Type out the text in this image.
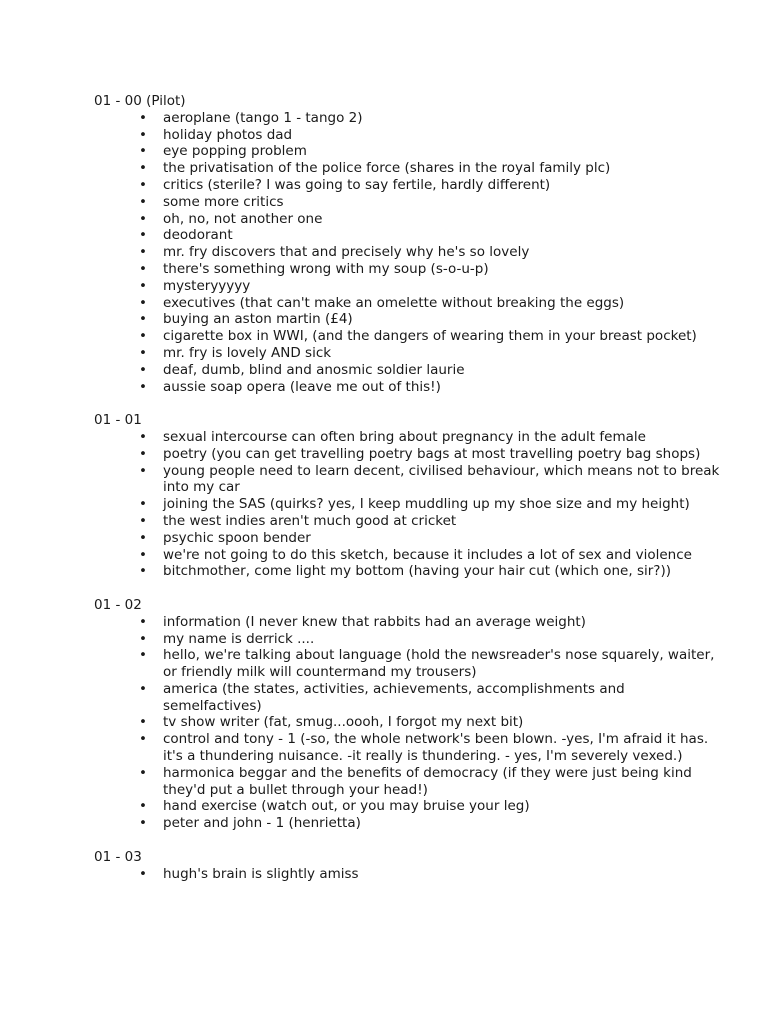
01 - 00 (Pilot)

• aeroplane (tango 1 - tango 2)
• holiday photos dad
• eye popping problem
• the privatisation of the police force (shares in the royal family plc)
• critics (sterile? I was going to say fertile, hardly different)
• some more critics
• oh, no, not another one
• deodorant
• mr. fry discovers that and precisely why he's so lovely
• there's something wrong with my soup (s-o-u-p)
• mysteryyyyy
• executives (that can't make an omelette without breaking the eggs)
• buying an aston martin (£4)
• cigarette box in WWI, (and the dangers of wearing them in your breast pocket)
• mr. fry is lovely AND sick
• deaf, dumb, blind and anosmic soldier laurie
• aussie soap opera (leave me out of this!)

01 - 01

• sexual intercourse can often bring about pregnancy in the adult female
• poetry (you can get travelling poetry bags at most travelling poetry bag shops)
• young people need to learn decent, civilised behaviour, which means not to break into my car
• joining the SAS (quirks? yes, I keep muddling up my shoe size and my height)
• the west indies aren't much good at cricket
• psychic spoon bender
• we're not going to do this sketch, because it includes a lot of sex and violence
• bitchmother, come light my bottom (having your hair cut (which one, sir?))

01 - 02

• information (I never knew that rabbits had an average weight)
• my name is derrick ....
• hello, we're talking about language (hold the newsreader's nose squarely, waiter, or friendly milk will countermand my trousers)
• america (the states, activities, achievements, accomplishments and semelfactives)
• tv show writer (fat, smug...oooh, I forgot my next bit)
• control and tony - 1 (-so, the whole network's been blown. -yes, I'm afraid it has. it's a thundering nuisance. -it really is thundering. - yes, I'm severely vexed.)
• harmonica beggar and the benefits of democracy (if they were just being kind they'd put a bullet through your head!)
• hand exercise (watch out, or you may bruise your leg)
• peter and john - 1 (henrietta)

01 - 03

• hugh's brain is slightly amiss
